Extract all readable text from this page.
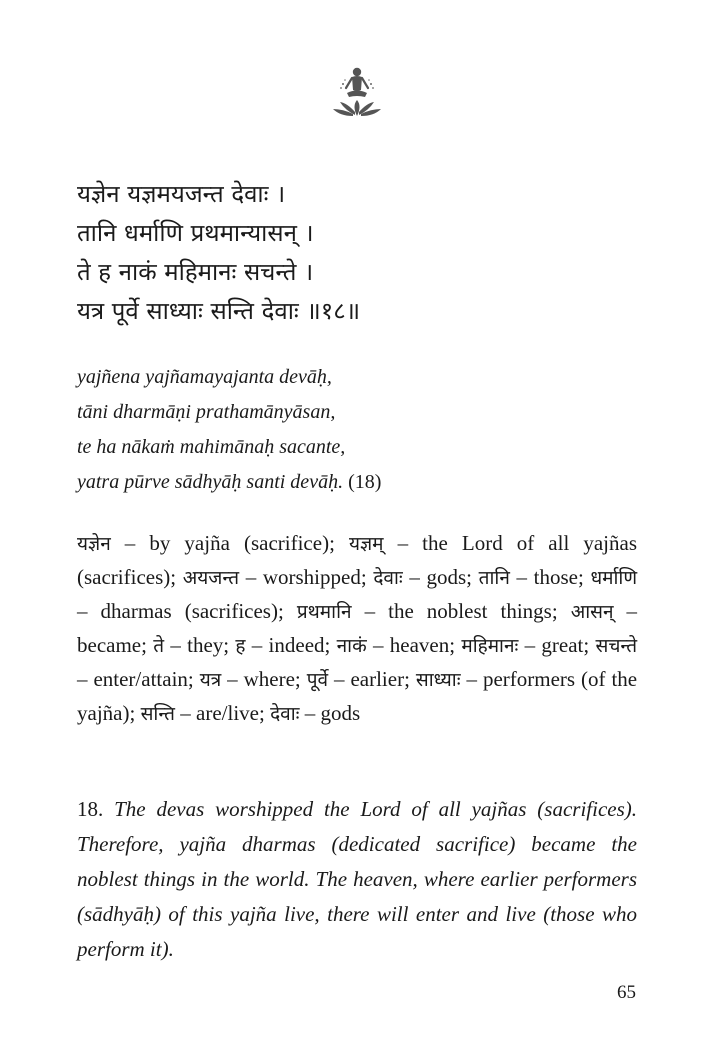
यज्ञेन यज्ञमयजन्त देवाः ।
तानि धर्माणि प्रथमान्यासन् ।
ते ह नाकं महिमानः सचन्ते ।
यत्र पूर्वे साध्याः सन्ति देवाः ॥१८॥
yajñena yajñamayajanta devāḥ,
tāni dharmāṇi prathamānyāsan,
te ha nākaṁ mahimānaḥ sacante,
yatra pūrve sādhyāḥ santi devāḥ. (18)
यज्ञेन – by yajña (sacrifice); यज्ञम् – the Lord of all yajñas (sacrifices); अयजन्त – worshipped; देवाः – gods; तानि – those; धर्माणि – dharmas (sacrifices); प्रथमानि – the noblest things; आसन् – became; ते – they; ह – indeed; नाकं – heaven; महिमानः – great; सचन्ते – enter/attain; यत्र – where; पूर्वे – earlier; साध्याः – performers (of the yajña); सन्ति – are/live; देवाः – gods
18. The devas worshipped the Lord of all yajñas (sacrifices). Therefore, yajña dharmas (dedicated sacrifice) became the noblest things in the world. The heaven, where earlier performers (sādhyāḥ) of this yajña live, there will enter and live (those who perform it).
65
